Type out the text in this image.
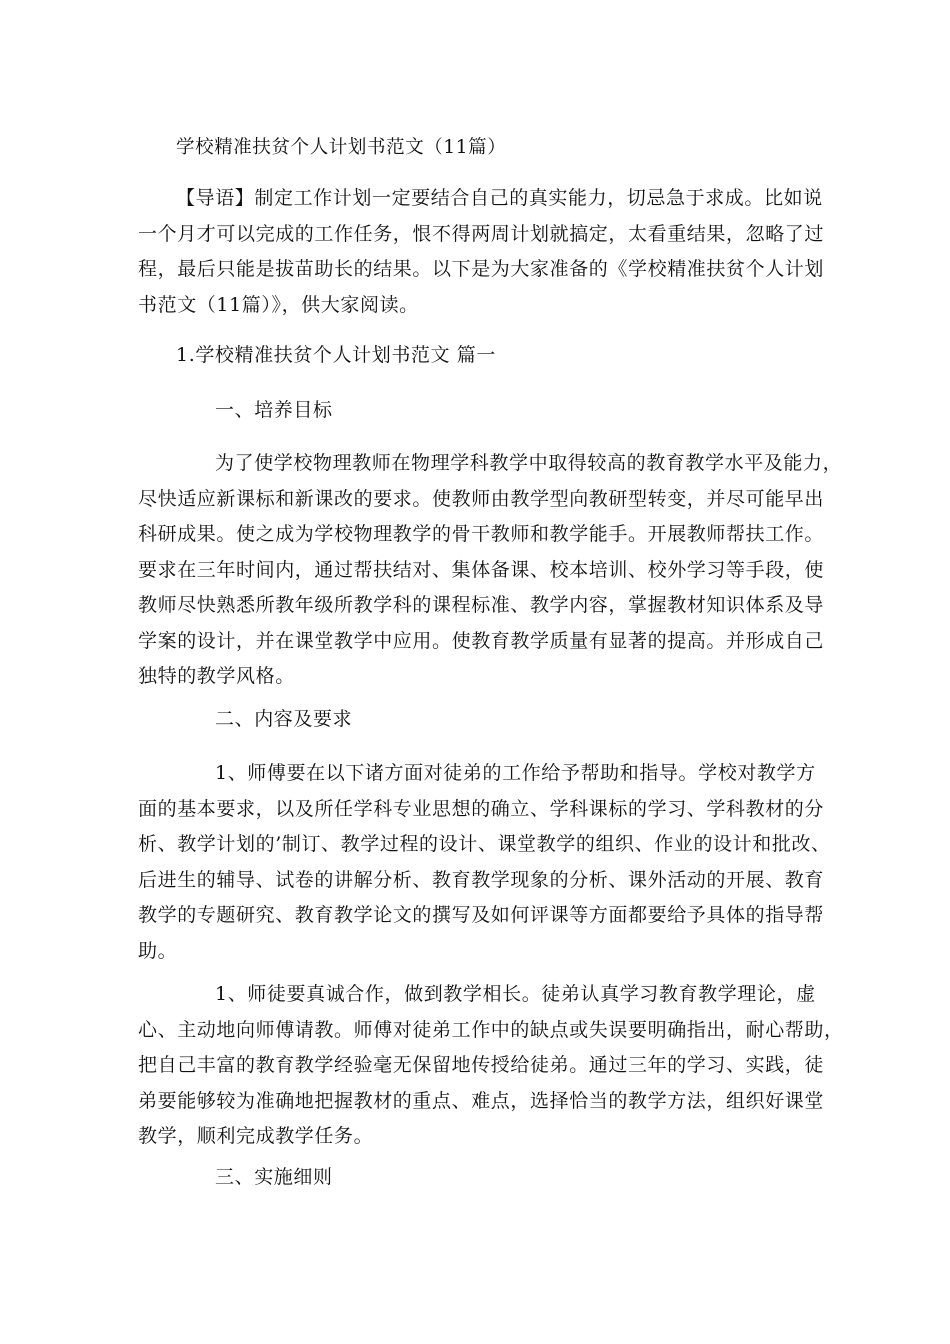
学校精准扶贫个人计划书范文（11篇）

【导语】制定工作计划一定要结合自己的真实能力，切忌急于求成。比如说
一个月才可以完成的工作任务，恨不得两周计划就搞定，太看重结果，忽略了过
程，最后只能是拔苗助长的结果。以下是为大家准备的《学校精准扶贫个人计划
书范文（11篇）》，供大家阅读。

1.学校精准扶贫个人计划书范文 篇一

一、培养目标

为了使学校物理教师在物理学科教学中取得较高的教育教学水平及能力，
尽快适应新课标和新课改的要求。使教师由教学型向教研型转变，并尽可能早出
科研成果。使之成为学校物理教学的骨干教师和教学能手。开展教师帮扶工作。
要求在三年时间内，通过帮扶结对、集体备课、校本培训、校外学习等手段，使
教师尽快熟悉所教年级所教学科的课程标准、教学内容，掌握教材知识体系及导
学案的设计，并在课堂教学中应用。使教育教学质量有显著的提高。并形成自己
独特的教学风格。

二、内容及要求

1、师傅要在以下诸方面对徒弟的工作给予帮助和指导。学校对教学方
面的基本要求，以及所任学科专业思想的确立、学科课标的学习、学科教材的分
析、教学计划的’制订、教学过程的设计、课堂教学的组织、作业的设计和批改、
后进生的辅导、试卷的讲解分析、教育教学现象的分析、课外活动的开展、教育
教学的专题研究、教育教学论文的撰写及如何评课等方面都要给予具体的指导帮
助。
1、师徒要真诚合作，做到教学相长。徒弟认真学习教育教学理论，虚
心、主动地向师傅请教。师傅对徒弟工作中的缺点或失误要明确指出，耐心帮助，
把自己丰富的教育教学经验毫无保留地传授给徒弟。通过三年的学习、实践，徒
弟要能够较为准确地把握教材的重点、难点，选择恰当的教学方法，组织好课堂
教学，顺利完成教学任务。

三、实施细则
